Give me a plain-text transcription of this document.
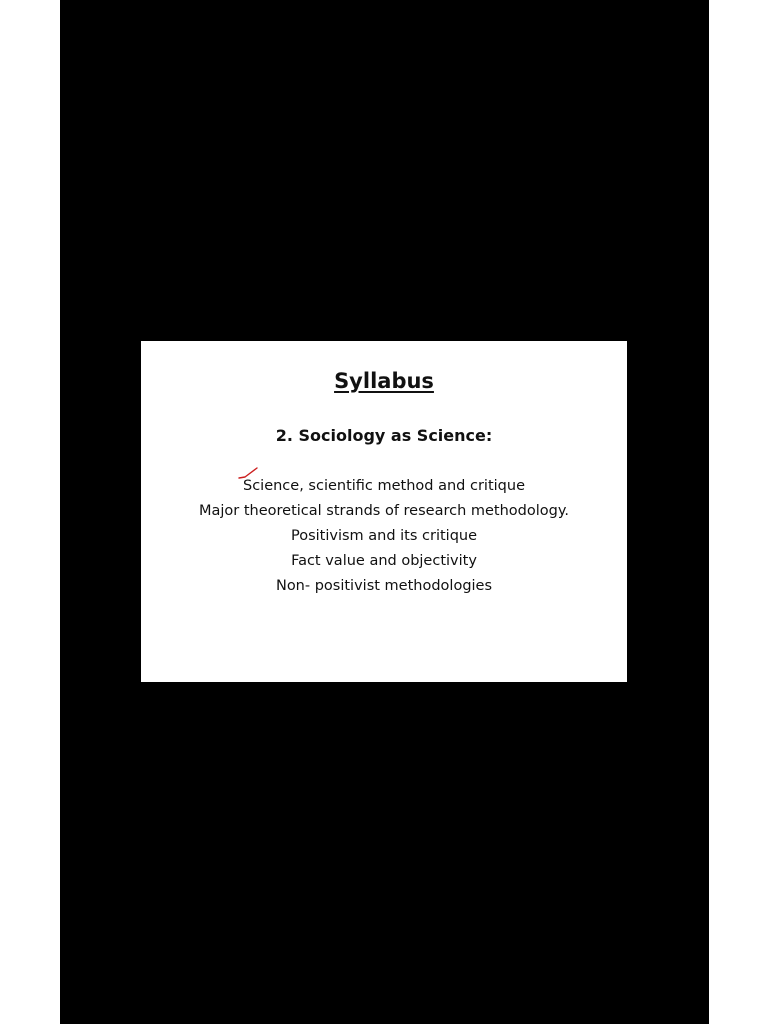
Syllabus
2. Sociology as Science:
Science, scientific method and critique
Major theoretical strands of research methodology.
Positivism and its critique
Fact value and objectivity
Non- positivist methodologies
